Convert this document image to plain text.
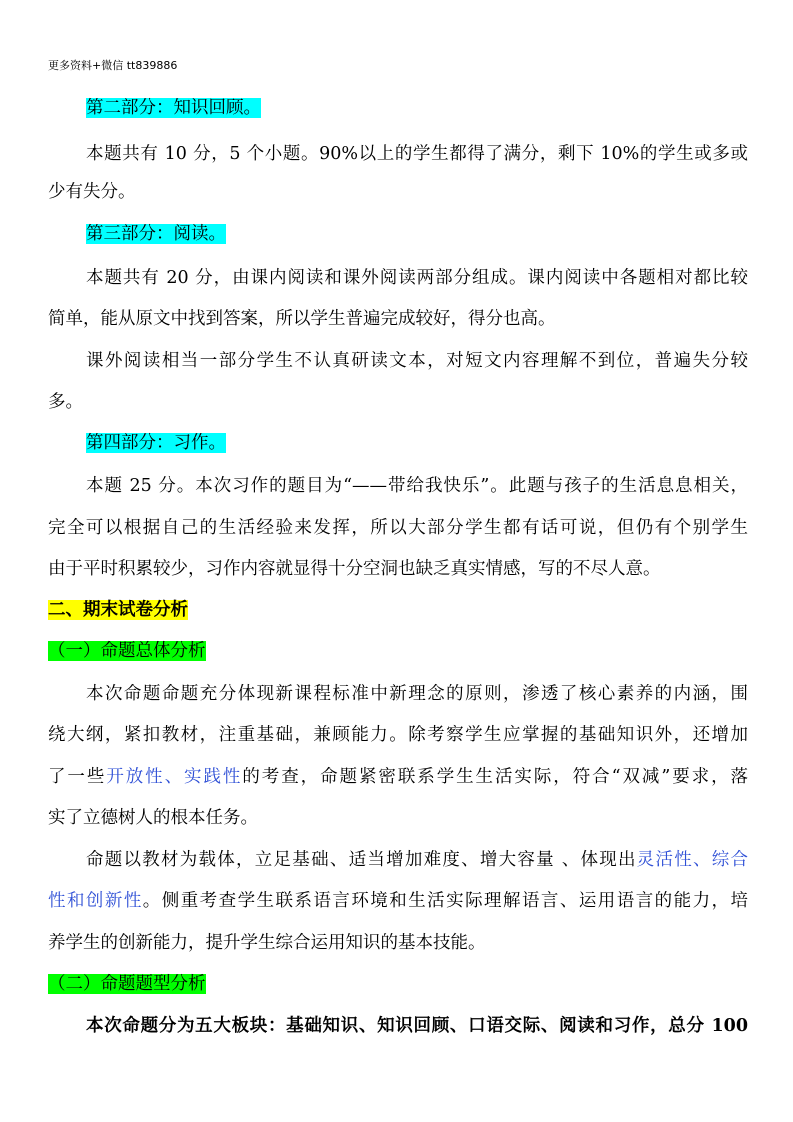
更多资料+微信 tt839886
第二部分：知识回顾。
本题共有 10 分，5 个小题。90%以上的学生都得了满分，剩下 10%的学生或多或
少有失分。
第三部分：阅读。
本题共有 20 分，由课内阅读和课外阅读两部分组成。课内阅读中各题相对都比较
简单，能从原文中找到答案，所以学生普遍完成较好，得分也高。
课外阅读相当一部分学生不认真研读文本，对短文内容理解不到位，普遍失分较
多。
第四部分：习作。
本题 25 分。本次习作的题目为“——带给我快乐”。此题与孩子的生活息息相关，
完全可以根据自己的生活经验来发挥，所以大部分学生都有话可说，但仍有个别学生
由于平时积累较少，习作内容就显得十分空洞也缺乏真实情感，写的不尽人意。
二、期末试卷分析
（一）命题总体分析
本次命题命题充分体现新课程标准中新理念的原则，渗透了核心素养的内涵，围
绕大纲，紧扣教材，注重基础，兼顾能力。除考察学生应掌握的基础知识外，还增加
了一些开放性、实践性的考查，命题紧密联系学生生活实际，符合“双减”要求，落
实了立德树人的根本任务。
命题以教材为载体，立足基础、适当增加难度、增大容量 、体现出灵活性、综合
性和创新性。侧重考查学生联系语言环境和生活实际理解语言、运用语言的能力，培
养学生的创新能力，提升学生综合运用知识的基本技能。
（二）命题题型分析
本次命题分为五大板块：基础知识、知识回顾、口语交际、阅读和习作，总分 100
